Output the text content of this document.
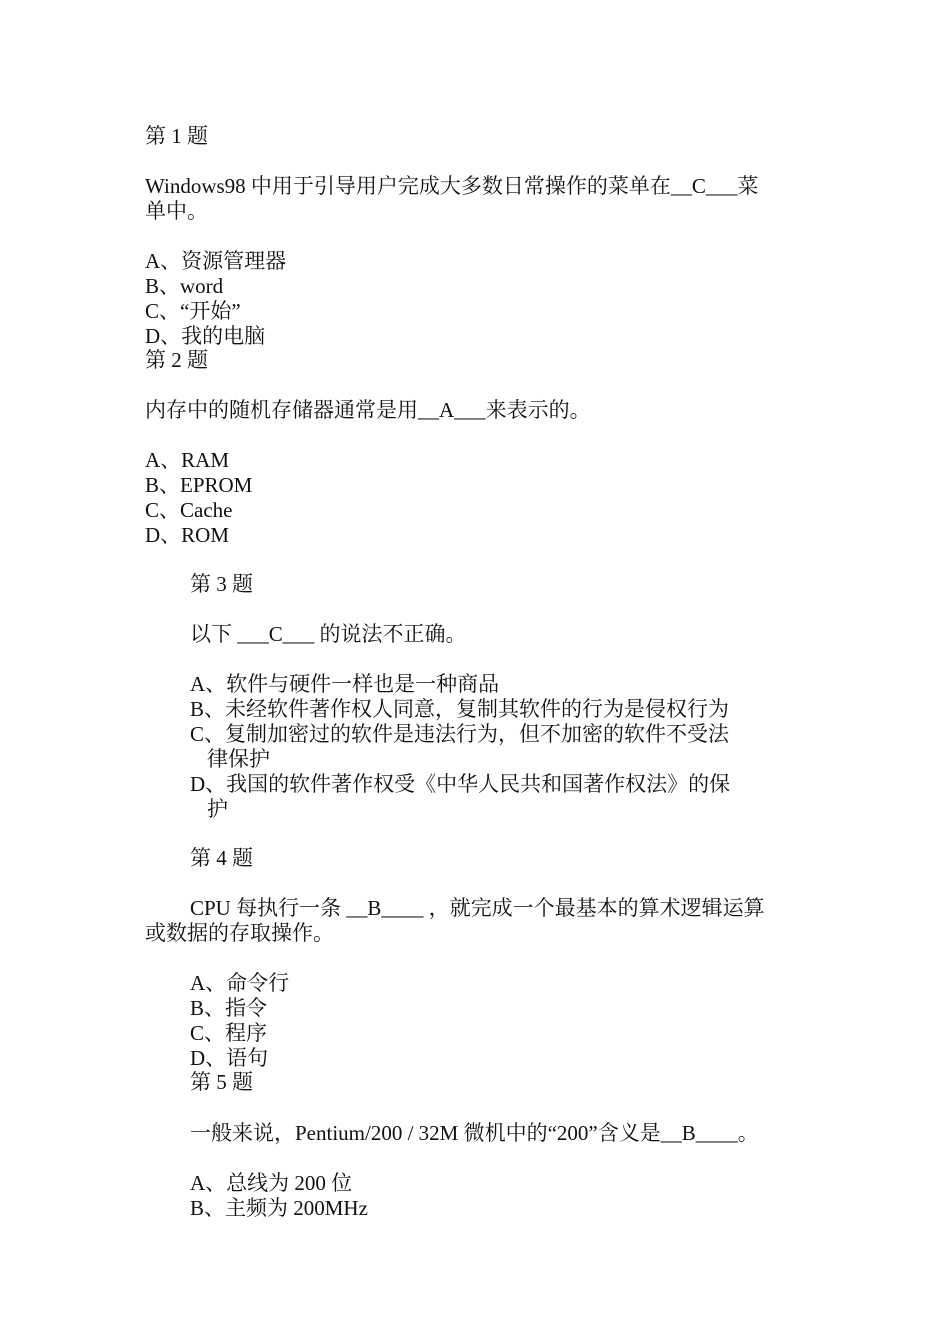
第 1 题
Windows98 中用于引导用户完成大多数日常操作的菜单在__C___菜
单中。
A、资源管理器
B、word
C、“开始”
D、我的电脑
第 2 题
内存中的随机存储器通常是用__A___来表示的。
A、RAM
B、EPROM
C、Cache
D、ROM
第 3 题
以下 ___C___ 的说法不正确。
A、软件与硬件一样也是一种商品
B、未经软件著作权人同意，复制其软件的行为是侵权行为
C、复制加密过的软件是违法行为，但不加密的软件不受法
律保护
D、我国的软件著作权受《中华人民共和国著作权法》的保
护
第 4 题
CPU 每执行一条 __B____ ，就完成一个最基本的算术逻辑运算
或数据的存取操作。
A、命令行
B、指令
C、程序
D、语句
第 5 题
一般来说，Pentium/200 / 32M 微机中的“200”含义是__B____。
A、总线为 200 位
B、主频为 200MHz
